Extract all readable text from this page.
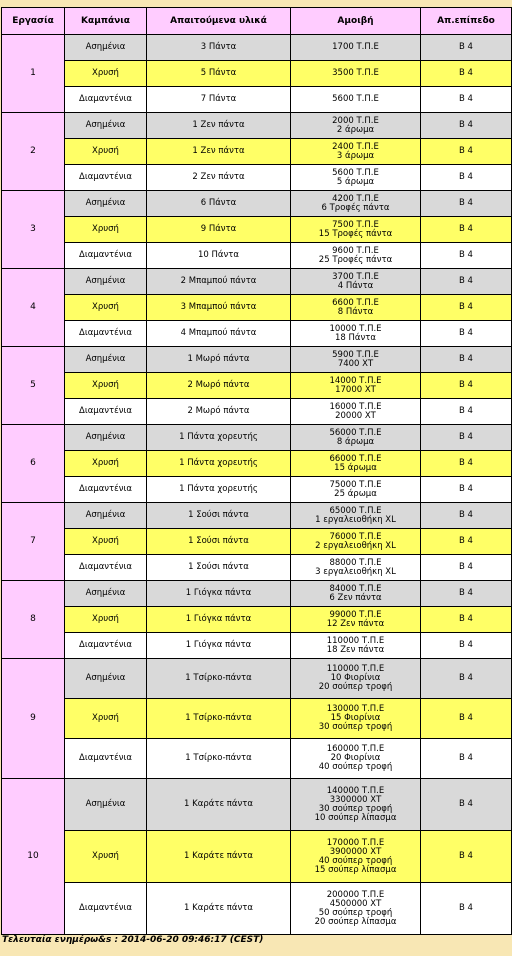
Εργασία	Καμπάνια	Απαιτούμενα υλικά	Αμοιβή	Απ.επίπεδο
1	Ασημένια	3 Πάντα	1700 Τ.Π.Ε	Β 4
	Χρυσή	5 Πάντα	3500 Τ.Π.Ε	Β 4
	Διαμαντένια	7 Πάντα	5600 Τ.Π.Ε	Β 4
2	Ασημένια	1 Ζεν πάντα	2000 Τ.Π.Ε
2 άρωμα	Β 4
	Χρυσή	1 Ζεν πάντα	2400 Τ.Π.Ε
3 άρωμα	Β 4
	Διαμαντένια	2 Ζεν πάντα	5600 Τ.Π.Ε
5 άρωμα	Β 4
3	Ασημένια	6 Πάντα	4200 Τ.Π.Ε
6 Τροφές πάντα	Β 4
	Χρυσή	9 Πάντα	7500 Τ.Π.Ε
15 Τροφές πάντα	Β 4
	Διαμαντένια	10 Πάντα	9600 Τ.Π.Ε
25 Τροφές πάντα	Β 4
4	Ασημένια	2 Μπαμπού πάντα	3700 Τ.Π.Ε
4 Πάντα	Β 4
	Χρυσή	3 Μπαμπού πάντα	6600 Τ.Π.Ε
8 Πάντα	Β 4
	Διαμαντένια	4 Μπαμπού πάντα	10000 Τ.Π.Ε
18 Πάντα	Β 4
5	Ασημένια	1 Μωρό πάντα	5900 Τ.Π.Ε
7400 ΧΤ	Β 4
	Χρυσή	2 Μωρό πάντα	14000 Τ.Π.Ε
17000 ΧΤ	Β 4
	Διαμαντένια	2 Μωρό πάντα	16000 Τ.Π.Ε
20000 ΧΤ	Β 4
6	Ασημένια	1 Πάντα χορευτής	56000 Τ.Π.Ε
8 άρωμα	Β 4
	Χρυσή	1 Πάντα χορευτής	66000 Τ.Π.Ε
15 άρωμα	Β 4
	Διαμαντένια	1 Πάντα χορευτής	75000 Τ.Π.Ε
25 άρωμα	Β 4
7	Ασημένια	1 Σούσι πάντα	65000 Τ.Π.Ε
1 εργαλειοθήκη XL	Β 4
	Χρυσή	1 Σούσι πάντα	76000 Τ.Π.Ε
2 εργαλειοθήκη XL	Β 4
	Διαμαντένια	1 Σούσι πάντα	88000 Τ.Π.Ε
3 εργαλειοθήκη XL	Β 4
8	Ασημένια	1 Γιόγκα πάντα	84000 Τ.Π.Ε
6 Ζεν πάντα	Β 4
	Χρυσή	1 Γιόγκα πάντα	99000 Τ.Π.Ε
12 Ζεν πάντα	Β 4
	Διαμαντένια	1 Γιόγκα πάντα	110000 Τ.Π.Ε
18 Ζεν πάντα	Β 4
9	Ασημένια	1 Τσίρκο-πάντα	110000 Τ.Π.Ε
10 Φιορίνια
20 σούπερ τροφή	Β 4
	Χρυσή	1 Τσίρκο-πάντα	130000 Τ.Π.Ε
15 Φιορίνια
30 σούπερ τροφή	Β 4
	Διαμαντένια	1 Τσίρκο-πάντα	160000 Τ.Π.Ε
20 Φιορίνια
40 σούπερ τροφή	Β 4
10	Ασημένια	1 Καράτε πάντα	140000 Τ.Π.Ε
3300000 ΧΤ
30 σούπερ τροφή
10 σούπερ λίπασμα	Β 4
	Χρυσή	1 Καράτε πάντα	170000 Τ.Π.Ε
3900000 ΧΤ
40 σούπερ τροφή
15 σούπερ λίπασμα	Β 4
	Διαμαντένια	1 Καράτε πάντα	200000 Τ.Π.Ε
4500000 ΧΤ
50 σούπερ τροφή
20 σούπερ λίπασμα	Β 4
Τελευταία ενημέρω&s : 2014-06-20 09:46:17 (CEST)
